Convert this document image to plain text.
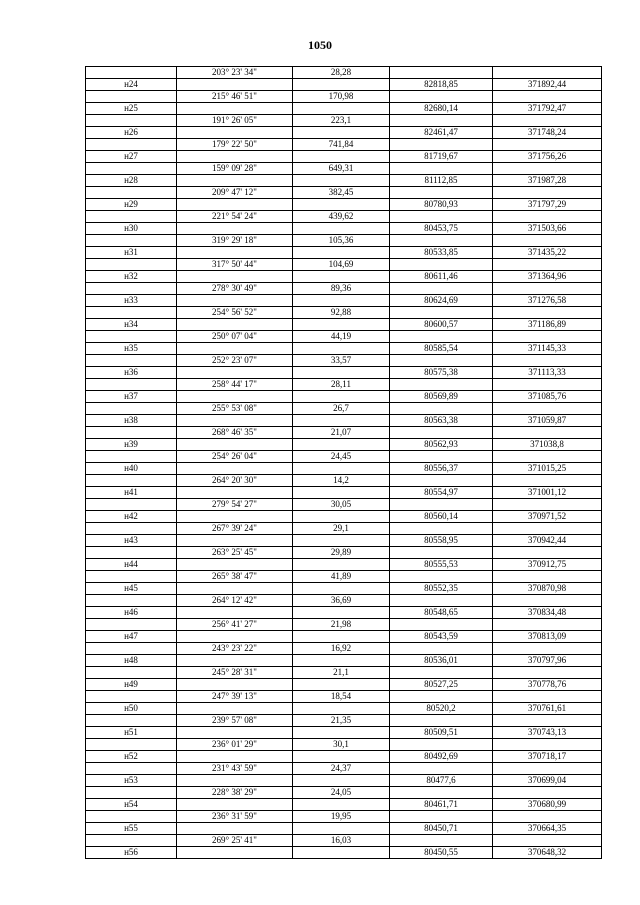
1050
	203° 23' 34"	28,28		
н24			82818,85	371892,44
	215° 46' 51"	170,98		
н25			82680,14	371792,47
	191° 26' 05"	223,1		
н26			82461,47	371748,24
	179° 22' 50"	741,84		
н27			81719,67	371756,26
	159° 09' 28"	649,31		
н28			81112,85	371987,28
	209° 47' 12"	382,45		
н29			80780,93	371797,29
	221° 54' 24"	439,62		
н30			80453,75	371503,66
	319° 29' 18"	105,36		
н31			80533,85	371435,22
	317° 50' 44"	104,69		
н32			80611,46	371364,96
	278° 30' 49"	89,36		
н33			80624,69	371276,58
	254° 56' 52"	92,88		
н34			80600,57	371186,89
	250° 07' 04"	44,19		
н35			80585,54	371145,33
	252° 23' 07"	33,57		
н36			80575,38	371113,33
	258° 44' 17"	28,11		
н37			80569,89	371085,76
	255° 53' 08"	26,7		
н38			80563,38	371059,87
	268° 46' 35"	21,07		
н39			80562,93	371038,8
	254° 26' 04"	24,45		
н40			80556,37	371015,25
	264° 20' 30"	14,2		
н41			80554,97	371001,12
	279° 54' 27"	30,05		
н42			80560,14	370971,52
	267° 39' 24"	29,1		
н43			80558,95	370942,44
	263° 25' 45"	29,89		
н44			80555,53	370912,75
	265° 38' 47"	41,89		
н45			80552,35	370870,98
	264° 12' 42"	36,69		
н46			80548,65	370834,48
	256° 41' 27"	21,98		
н47			80543,59	370813,09
	243° 23' 22"	16,92		
н48			80536,01	370797,96
	245° 28' 31"	21,1		
н49			80527,25	370778,76
	247° 39' 13"	18,54		
н50			80520,2	370761,61
	239° 57' 08"	21,35		
н51			80509,51	370743,13
	236° 01' 29"	30,1		
н52			80492,69	370718,17
	231° 43' 59"	24,37		
н53			80477,6	370699,04
	228° 38' 29"	24,05		
н54			80461,71	370680,99
	236° 31' 59"	19,95		
н55			80450,71	370664,35
	269° 25' 41"	16,03		
н56			80450,55	370648,32
